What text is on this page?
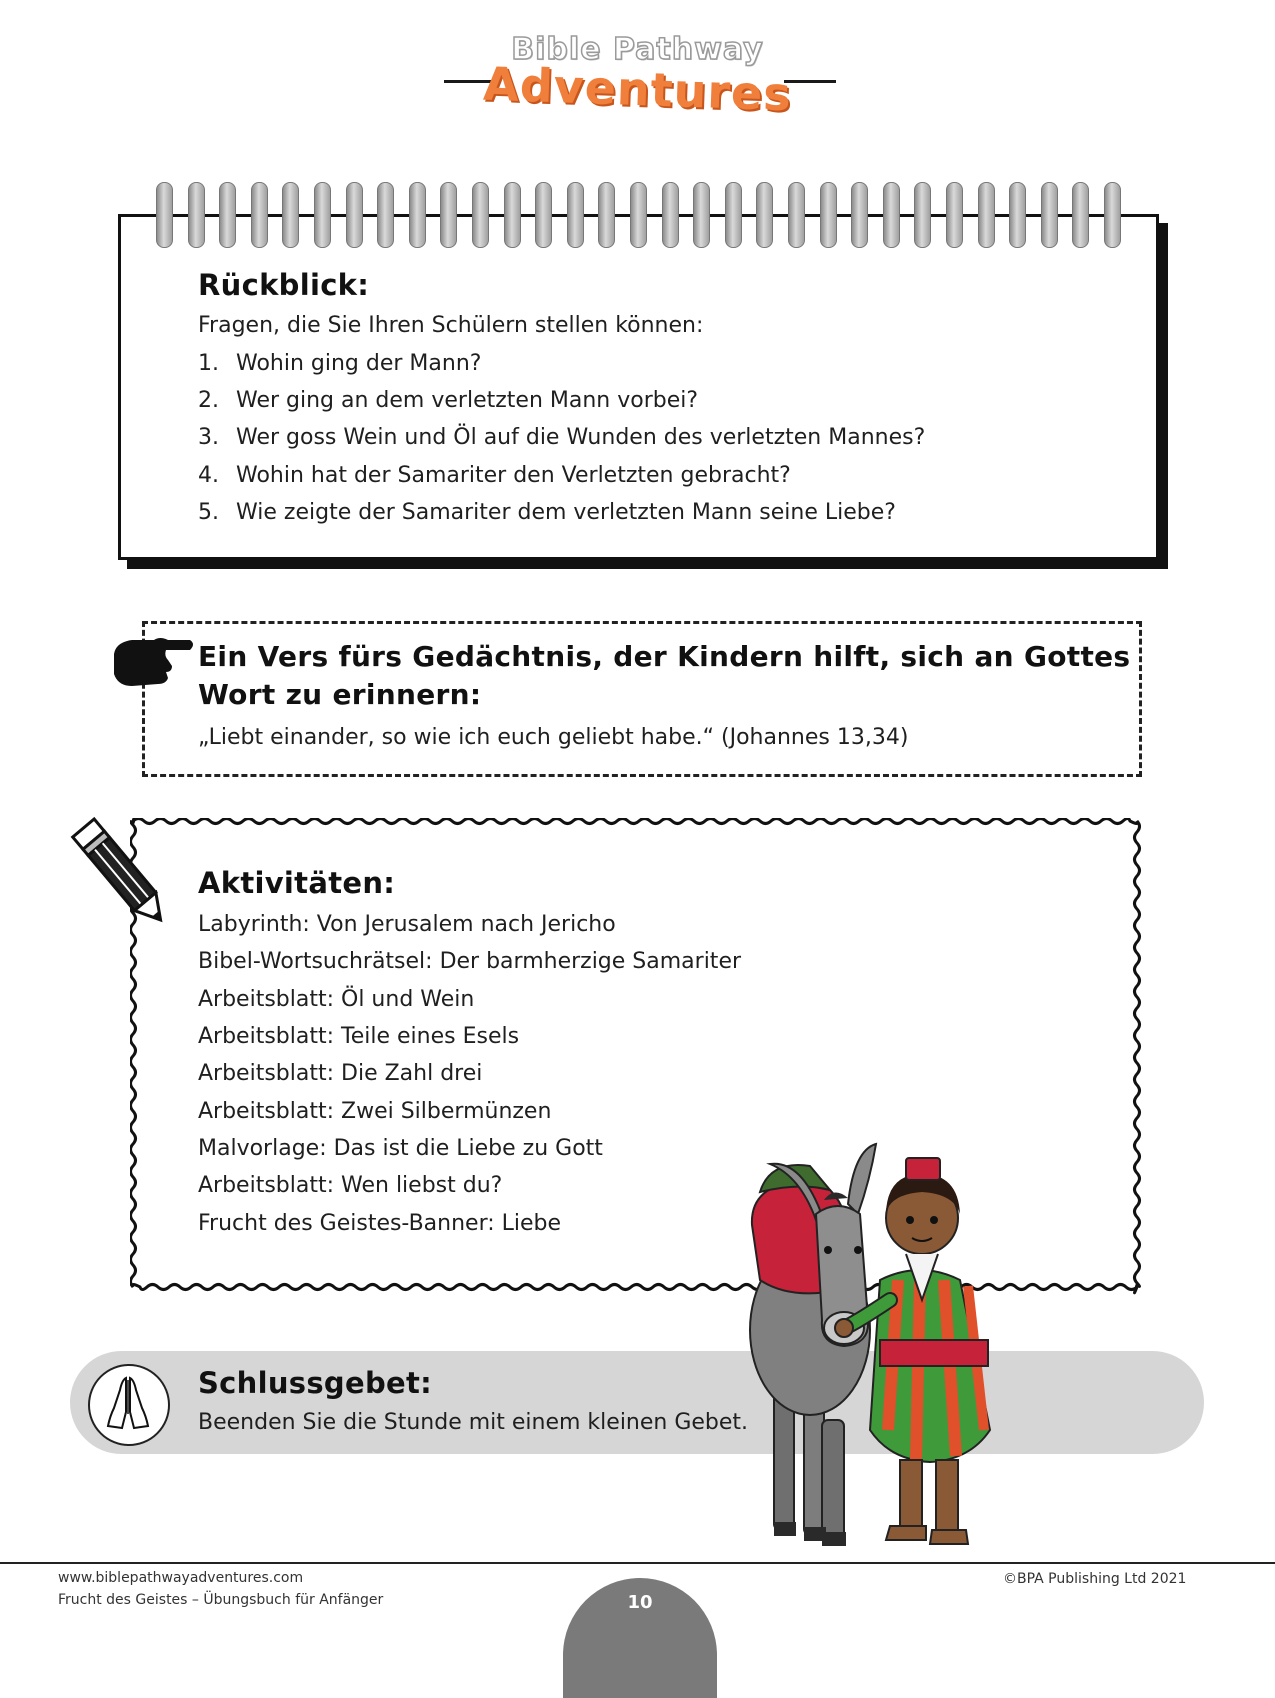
Bible Pathway
Adventures
Rückblick:
Fragen, die Sie Ihren Schülern stellen können:
1. Wohin ging der Mann?
2. Wer ging an dem verletzten Mann vorbei?
3. Wer goss Wein und Öl auf die Wunden des verletzten Mannes?
4. Wohin hat der Samariter den Verletzten gebracht?
5. Wie zeigte der Samariter dem verletzten Mann seine Liebe?
Ein Vers fürs Gedächtnis, der Kindern hilft, sich an Gottes
Wort zu erinnern:
„Liebt einander, so wie ich euch geliebt habe.“ (Johannes 13,34)
Aktivitäten:
Labyrinth: Von Jerusalem nach Jericho
Bibel-Wortsuchrätsel: Der barmherzige Samariter
Arbeitsblatt: Öl und Wein
Arbeitsblatt: Teile eines Esels
Arbeitsblatt: Die Zahl drei
Arbeitsblatt: Zwei Silbermünzen
Malvorlage: Das ist die Liebe zu Gott
Arbeitsblatt: Wen liebst du?
Frucht des Geistes-Banner: Liebe
Schlussgebet:
Beenden Sie die Stunde mit einem kleinen Gebet.
www.biblepathwayadventures.com
Frucht des Geistes – Übungsbuch für Anfänger
©BPA Publishing Ltd 2021
10
